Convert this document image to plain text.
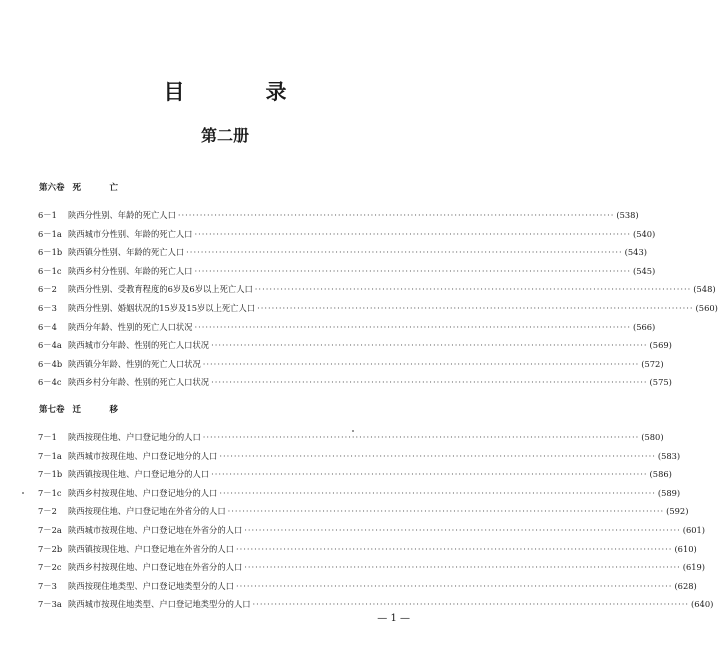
目　录
第二册
第六卷 死　亡
6－1	陕西分性别、年龄的死亡人口 ························································································································ (538)
6－1a 陕西城市分性别、年龄的死亡人口 ························································································································ (540)
6－1b 陕西镇分性别、年龄的死亡人口 ························································································································ (543)
6－1c 陕西乡村分性别、年龄的死亡人口 ························································································································ (545)
6－2	陕西分性别、受教育程度的6岁及6岁以上死亡人口 ························································································································ (548)
6－3	陕西分性别、婚姻状况的15岁及15岁以上死亡人口 ························································································································ (560)
6－4	陕西分年龄、性别的死亡人口状况 ························································································································ (566)
6－4a 陕西城市分年龄、性别的死亡人口状况 ························································································································ (569)
6－4b 陕西镇分年龄、性别的死亡人口状况 ························································································································ (572)
6－4c 陕西乡村分年龄、性别的死亡人口状况 ························································································································ (575)
第七卷 迁　移
7－1	陕西按现住地、户口登记地分的人口 ························································································································ (580)
7－1a 陕西城市按现住地、户口登记地分的人口 ························································································································ (583)
7－1b 陕西镇按现住地、户口登记地分的人口 ························································································································ (586)
7－1c 陕西乡村按现住地、户口登记地分的人口 ························································································································ (589)
7－2	陕西按现住地、户口登记地在外省分的人口 ························································································································ (592)
7－2a 陕西城市按现住地、户口登记地在外省分的人口 ························································································································ (601)
7－2b 陕西镇按现住地、户口登记地在外省分的人口 ························································································································ (610)
7－2c 陕西乡村按现住地、户口登记地在外省分的人口 ························································································································ (619)
7－3	陕西按现住地类型、户口登记地类型分的人口 ························································································································ (628)
7－3a 陕西城市按现住地类型、户口登记地类型分的人口 ························································································································ (640)
— 1 —
